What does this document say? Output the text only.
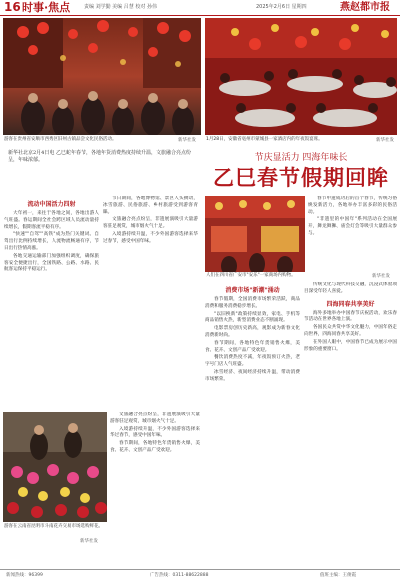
16 时事·焦点	责编 刘学勤 美编 吕慧 校对 孙伟	2025年2月6日 星期四	燕赵都市报
游客在贵州省安顺市西秀区旧州古镇品尝文化民俗活动。	新华社发 1月28日，安徽省亳州市蒙城县一家酒店内的年夜饭宴席。	新华社发
新华社北京2月4日电 乙巳蛇年春节，各地年货消费热度持续升温，文旅融合亮点纷呈，年味浓郁。	节庆显活力 四海年味长
乙巳春节假期回眸
流动中国活力四射

大年初一，来往于各地之间，各地出游人气旺盛。春运期间全社会跨区域人员流动量持续增长，假期客流平稳有序。

"快速""自驾""高铁"成为热门关键词。自驾出行比例持续增长，人流物流畅通有序，节日出行热情高涨。

各地交通运输部门加强组织调度，确保旅客安全便捷出行，全国铁路、公路、水路、民航客运保持平稳运行。

节日期间，各地博物馆、景区人头攒动，冰雪旅游、民俗旅游、乡村旅游受到游客青睐。

文旅融合亮点纷呈，非遗展演吸引大量游客驻足观赏，城市烟火气十足。

入境游持续升温，不少外国游客选择来华过春节，感受中国年味。

人们在四川省广安市"安乐"一家商场内购物。	新华社发

春节申遗成功后的首个春节，传统习俗焕发新活力，各地举办丰富多彩的民俗活动。

"非遗里的中国年"系列活动在全国展开，舞龙舞狮、庙会灯会等吸引大量群众参与。

消费市场"新潮"涌动

春节假期，全国消费市场繁荣活跃，商品消费和服务消费稳步增长。

"以旧换新"政策持续显效，家电、手机等商品销售火热，新型消费业态不断涌现。

电影票房创历史新高，观影成为新春文化消费新时尚。

春节期间，各地特色年货销售火爆，美食、花卉、文创产品广受欢迎。

餐饮消费热度不减，年夜饭预订火热，老字号门店人气旺盛。

冰雪经济、夜间经济持续升温，带动消费市场繁荣。

传统文化与现代科技交融，沉浸式体验项目深受年轻人喜爱。

四海同春共享美好

海外多地举办中国春节庆祝活动，欢乐春节活动在世界各地上演。

各国民众共赏中华文化魅力，中国年俗走向世界，四海同春共享美好。

在外国人眼中，中国春节已成为展示中国形象的重要窗口。

游客在云南省昆明市斗南花卉交易市场选购鲜花。
新华社发

文旅融合亮点纷呈，非遗展演吸引大量游客驻足观赏，城市烟火气十足。

入境游持续升温，不少外国游客选择来华过春节，感受中国年味。

春节期间，各地特色年货销售火爆，美食、花卉、文创产品广受欢迎。

新闻热线：96399	广告热线：0311-88622888	值班主编：王俊霞
